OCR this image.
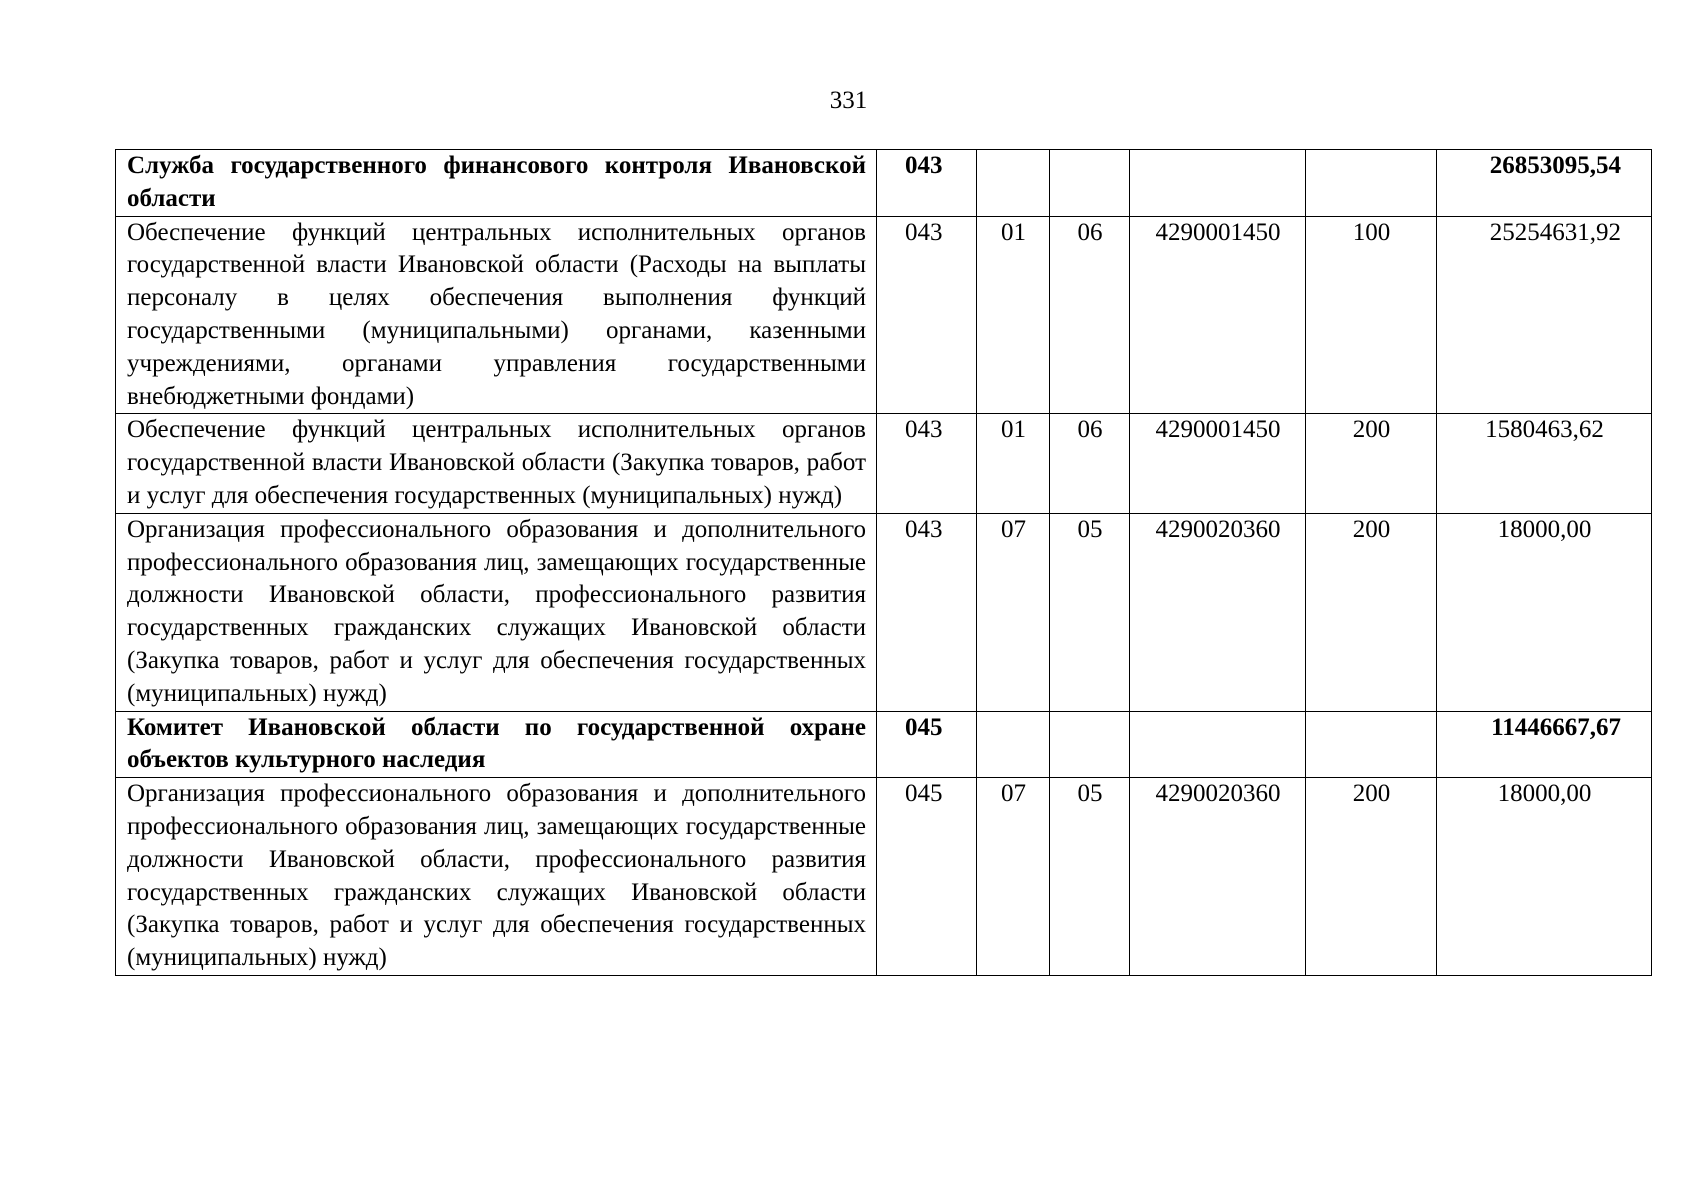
331
Служба государственного финансового контроля Ивановской области	043					26853095,54
Обеспечение функций центральных исполнительных органов государственной власти Ивановской области (Расходы на выплаты персоналу в целях обеспечения выполнения функций государственными (муниципальными) органами, казенными учреждениями, органами управления государственными внебюджетными фондами)	043	01	06	4290001450	100	25254631,92
Обеспечение функций центральных исполнительных органов государственной власти Ивановской области (Закупка товаров, работ и услуг для обеспечения государственных (муниципальных) нужд)	043	01	06	4290001450	200	1580463,62
Организация профессионального образования и дополнительного профессионального образования лиц, замещающих государственные должности Ивановской области, профессионального развития государственных гражданских служащих Ивановской области (Закупка товаров, работ и услуг для обеспечения государственных (муниципальных) нужд)	043	07	05	4290020360	200	18000,00
Комитет Ивановской области по государственной охране объектов культурного наследия	045					11446667,67
Организация профессионального образования и дополнительного профессионального образования лиц, замещающих государственные должности Ивановской области, профессионального развития государственных гражданских служащих Ивановской области (Закупка товаров, работ и услуг для обеспечения государственных (муниципальных) нужд)	045	07	05	4290020360	200	18000,00
